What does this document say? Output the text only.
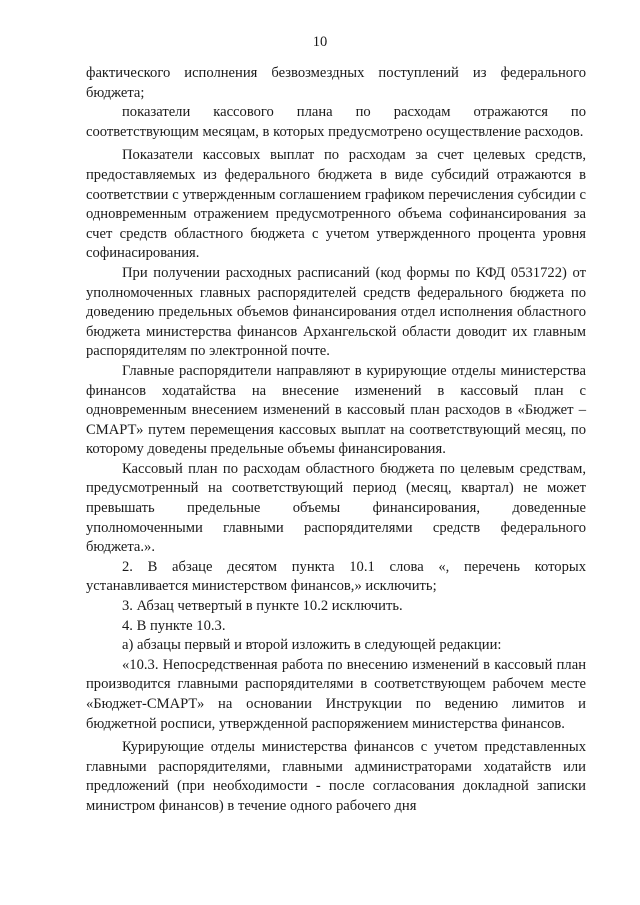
10

фактического исполнения безвозмездных поступлений из федерального бюджета;

показатели кассового плана по расходам отражаются по соответствующим месяцам, в которых предусмотрено осуществление расходов.

Показатели кассовых выплат по расходам за счет целевых средств, предоставляемых из федерального бюджета в виде субсидий отражаются в соответствии с утвержденным соглашением графиком перечисления субсидии с одновременным отражением предусмотренного объема софинансирования за счет средств областного бюджета с учетом утвержденного процента уровня софинасирования.

При получении расходных расписаний (код формы по КФД 0531722) от уполномоченных главных распорядителей средств федерального бюджета по доведению предельных объемов финансирования отдел исполнения областного бюджета министерства финансов Архангельской области доводит их главным распорядителям по электронной почте.

Главные распорядители направляют в курирующие отделы министерства финансов ходатайства на внесение изменений в кассовый план с одновременным внесением изменений в кассовый план расходов в «Бюджет – СМАРТ» путем перемещения кассовых выплат на соответствующий месяц, по которому доведены предельные объемы финансирования.

Кассовый план по расходам областного бюджета по целевым средствам, предусмотренный на соответствующий период (месяц, квартал) не может превышать предельные объемы финансирования, доведенные уполномоченными главными распорядителями средств федерального бюджета.».

2. В абзаце десятом пункта 10.1 слова «, перечень которых устанавливается министерством финансов,» исключить;

3. Абзац четвертый в пункте 10.2 исключить.

4. В пункте 10.3.

а) абзацы первый и второй изложить в следующей редакции:

«10.3. Непосредственная работа по внесению изменений в кассовый план производится главными распорядителями в соответствующем рабочем месте «Бюджет-СМАРТ» на основании Инструкции по ведению лимитов и бюджетной росписи, утвержденной распоряжением министерства финансов.

Курирующие отделы министерства финансов с учетом представленных главными распорядителями, главными администраторами ходатайств или предложений (при необходимости - после согласования докладной записки министром финансов) в течение одного рабочего дня
